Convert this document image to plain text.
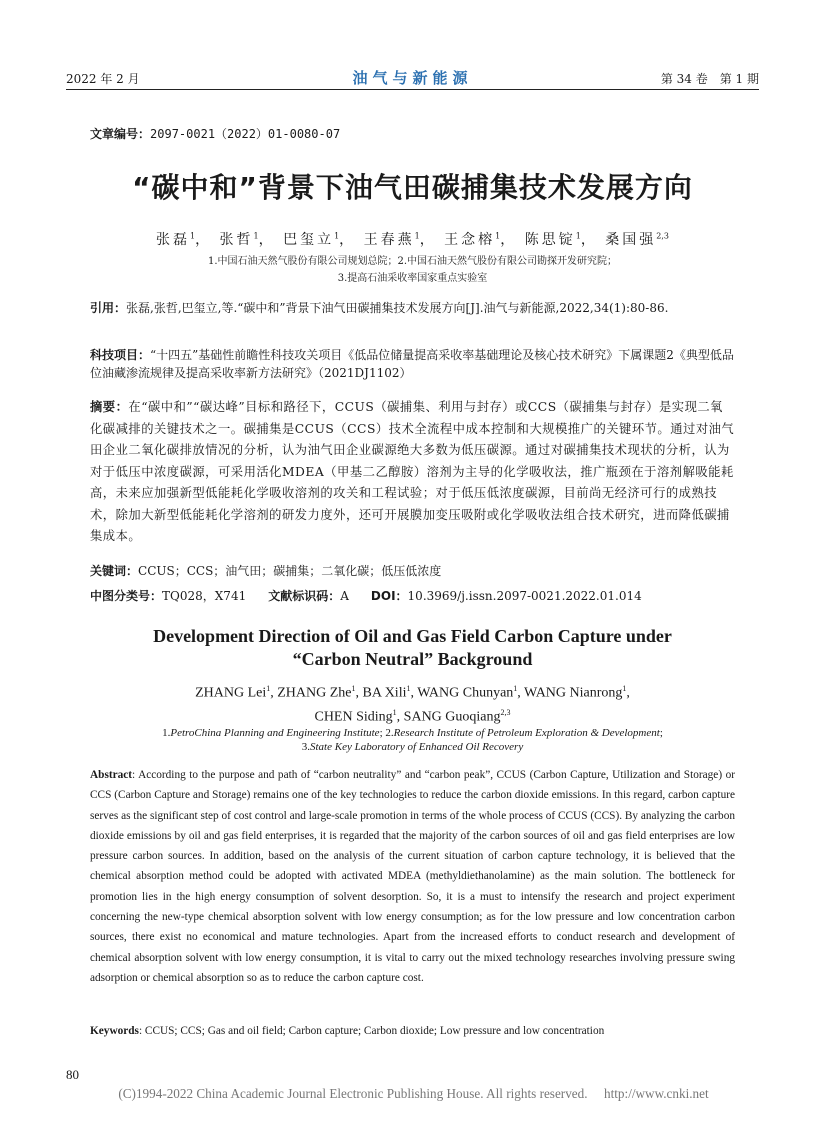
2022 年 2 月	油气与新能源	第 34 卷　第 1 期
文章编号：2097-0021（2022）01-0080-07
“碳中和”背景下油气田碳捕集技术发展方向
张磊$^1$， 张哲$^1$， 巴玺立$^1$， 王春燕$^1$， 王念榕$^1$， 陈思锭$^1$， 桑国强$^{2,3}$
1.中国石油天然气股份有限公司规划总院；2.中国石油天然气股份有限公司勘探开发研究院；
3.提高石油采收率国家重点实验室
引用：张磊,张哲,巴玺立,等.“碳中和”背景下油气田碳捕集技术发展方向[J].油气与新能源,2022,34(1):80-86.
科技项目：“十四五”基础性前瞻性科技攻关项目《低品位储量提高采收率基础理论及核心技术研究》下属课题2《典型低品位油藏渗流规律及提高采收率新方法研究》（2021DJ1102）
摘要：在“碳中和”“碳达峰”目标和路径下，CCUS（碳捕集、利用与封存）或CCS（碳捕集与封存）是实现二氧化碳减排的关键技术之一。碳捕集是CCUS（CCS）技术全流程中成本控制和大规模推广的关键环节。通过对油气田企业二氧化碳排放情况的分析，认为油气田企业碳源绝大多数为低压碳源。通过对碳捕集技术现状的分析，认为对于低压中浓度碳源，可采用活化MDEA（甲基二乙醇胺）溶剂为主导的化学吸收法，推广瓶颈在于溶剂解吸能耗高，未来应加强新型低能耗化学吸收溶剂的攻关和工程试验；对于低压低浓度碳源，目前尚无经济可行的成熟技术，除加大新型低能耗化学溶剂的研发力度外，还可开展膜加变压吸附或化学吸收法组合技术研究，进而降低碳捕集成本。
关键词：CCUS；CCS；油气田；碳捕集；二氧化碳；低压低浓度
中图分类号：TQ028，X741 文献标识码：A DOI：10.3969/j.issn.2097-0021.2022.01.014
Development Direction of Oil and Gas Field Carbon Capture under
“Carbon Neutral” Background
ZHANG Lei$^1$, ZHANG Zhe$^1$, BA Xili$^1$, WANG Chunyan$^1$, WANG Nianrong$^1$,
CHEN Siding$^1$, SANG Guoqiang$^{2,3}$
1.PetroChina Planning and Engineering Institute; 2.Research Institute of Petroleum Exploration & Development;
3.State Key Laboratory of Enhanced Oil Recovery
Abstract: According to the purpose and path of “carbon neutrality” and “carbon peak”, CCUS (Carbon Capture, Utilization and Storage) or CCS (Carbon Capture and Storage) remains one of the key technologies to reduce the carbon dioxide emissions. In this regard, carbon capture serves as the significant step of cost control and large-scale promotion in terms of the whole process of CCUS (CCS). By analyzing the carbon dioxide emissions by oil and gas field enterprises, it is regarded that the majority of the carbon sources of oil and gas field enterprises are low pressure carbon sources. In addition, based on the analysis of the current situation of carbon capture technology, it is believed that the chemical absorption method could be adopted with activated MDEA (methyldiethanolamine) as the main solution. The bottleneck for promotion lies in the high energy consumption of solvent desorption. So, it is a must to intensify the research and project experiment concerning the new-type chemical absorption solvent with low energy consumption; as for the low pressure and low concentration carbon sources, there exist no economical and mature technologies. Apart from the increased efforts to conduct research and development of chemical absorption solvent with low energy consumption, it is vital to carry out the mixed technology researches involving pressure swing adsorption or chemical absorption so as to reduce the carbon capture cost.
Keywords: CCUS; CCS; Gas and oil field; Carbon capture; Carbon dioxide; Low pressure and low concentration
80
(C)1994-2022 China Academic Journal Electronic Publishing House. All rights reserved.　 http://www.cnki.net
